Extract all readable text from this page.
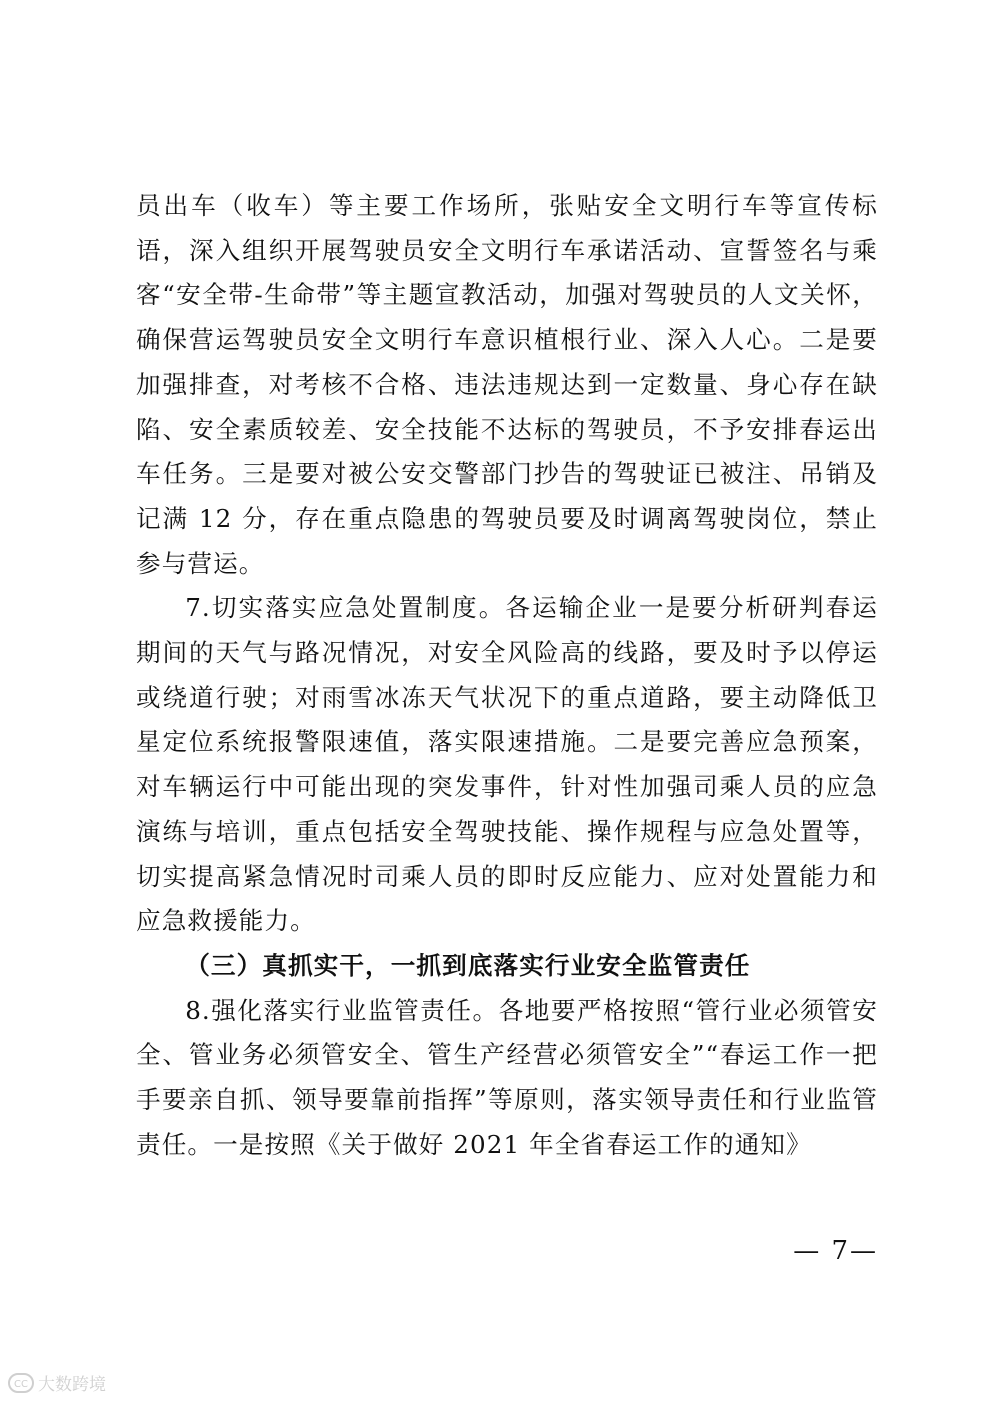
员出车（收车）等主要工作场所，张贴安全文明行车等宣传标语，深入组织开展驾驶员安全文明行车承诺活动、宣誓签名与乘客“安全带-生命带”等主题宣教活动，加强对驾驶员的人文关怀，确保营运驾驶员安全文明行车意识植根行业、深入人心。二是要加强排查，对考核不合格、违法违规达到一定数量、身心存在缺陷、安全素质较差、安全技能不达标的驾驶员，不予安排春运出车任务。三是要对被公安交警部门抄告的驾驶证已被注、吊销及记满 12 分，存在重点隐患的驾驶员要及时调离驾驶岗位，禁止参与营运。

7.切实落实应急处置制度。各运输企业一是要分析研判春运期间的天气与路况情况，对安全风险高的线路，要及时予以停运或绕道行驶；对雨雪冰冻天气状况下的重点道路，要主动降低卫星定位系统报警限速值，落实限速措施。二是要完善应急预案，对车辆运行中可能出现的突发事件，针对性加强司乘人员的应急演练与培训，重点包括安全驾驶技能、操作规程与应急处置等，切实提高紧急情况时司乘人员的即时反应能力、应对处置能力和应急救援能力。

（三）真抓实干，一抓到底落实行业安全监管责任

8.强化落实行业监管责任。各地要严格按照“管行业必须管安全、管业务必须管安全、管生产经营必须管安全”“春运工作一把手要亲自抓、领导要靠前指挥”等原则，落实领导责任和行业监管责任。一是按照《关于做好 2021 年全省春运工作的通知》

— 7—
CC 大数跨境
